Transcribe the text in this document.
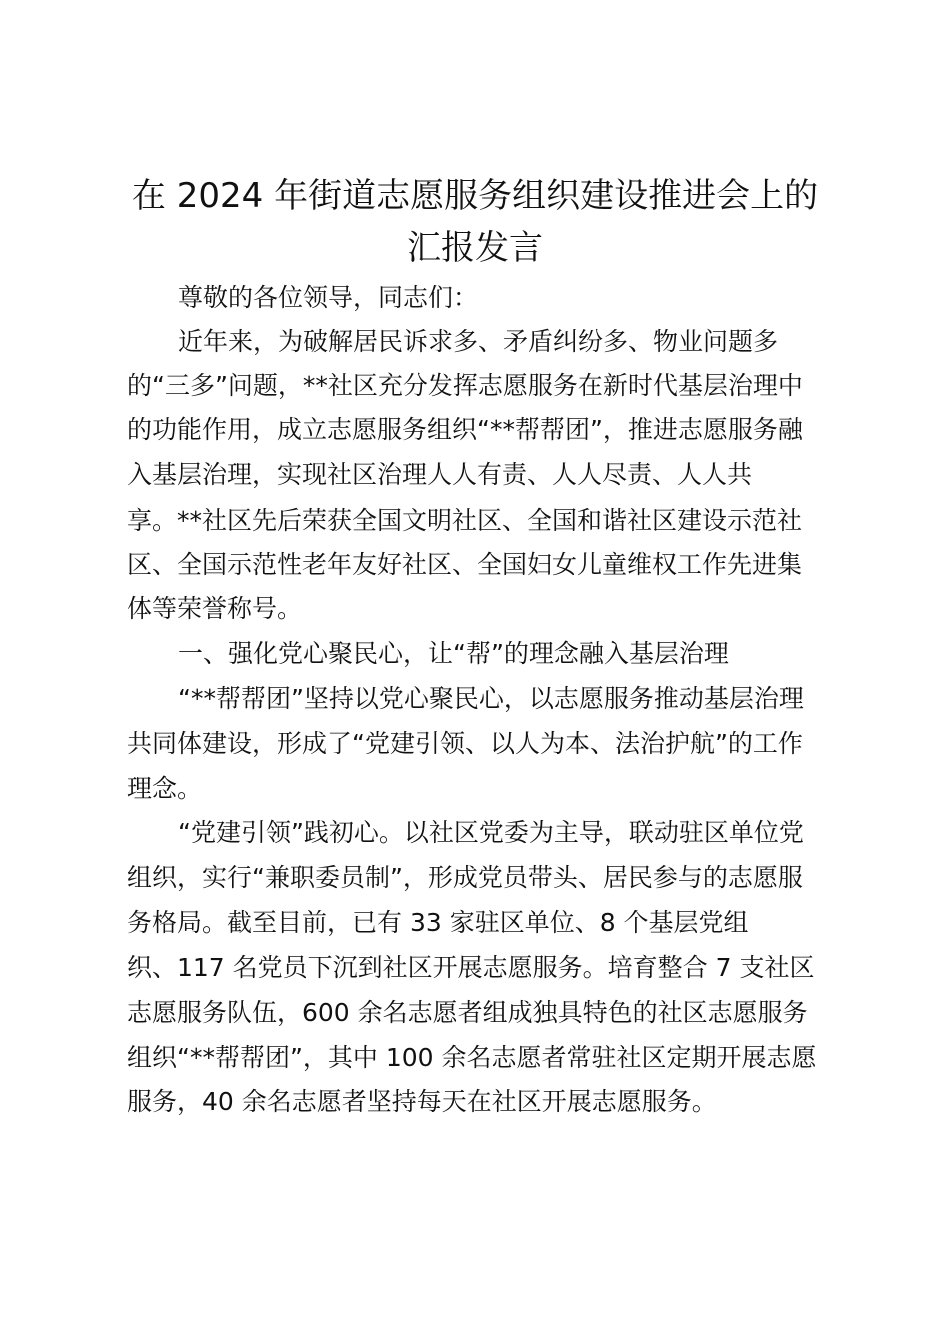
在 2024 年街道志愿服务组织建设推进会上的
汇报发言
尊敬的各位领导，同志们：
近年来，为破解居民诉求多、矛盾纠纷多、物业问题多
的“三多”问题，**社区充分发挥志愿服务在新时代基层治理中
的功能作用，成立志愿服务组织“**帮帮团”，推进志愿服务融
入基层治理，实现社区治理人人有责、人人尽责、人人共
享。**社区先后荣获全国文明社区、全国和谐社区建设示范社
区、全国示范性老年友好社区、全国妇女儿童维权工作先进集
体等荣誉称号。
一、强化党心聚民心，让“帮”的理念融入基层治理
“**帮帮团”坚持以党心聚民心，以志愿服务推动基层治理
共同体建设，形成了“党建引领、以人为本、法治护航”的工作
理念。
“党建引领”践初心。以社区党委为主导，联动驻区单位党
组织，实行“兼职委员制”，形成党员带头、居民参与的志愿服
务格局。截至目前，已有 33 家驻区单位、8 个基层党组
织、117 名党员下沉到社区开展志愿服务。培育整合 7 支社区
志愿服务队伍，600 余名志愿者组成独具特色的社区志愿服务
组织“**帮帮团”，其中 100 余名志愿者常驻社区定期开展志愿
服务，40 余名志愿者坚持每天在社区开展志愿服务。
